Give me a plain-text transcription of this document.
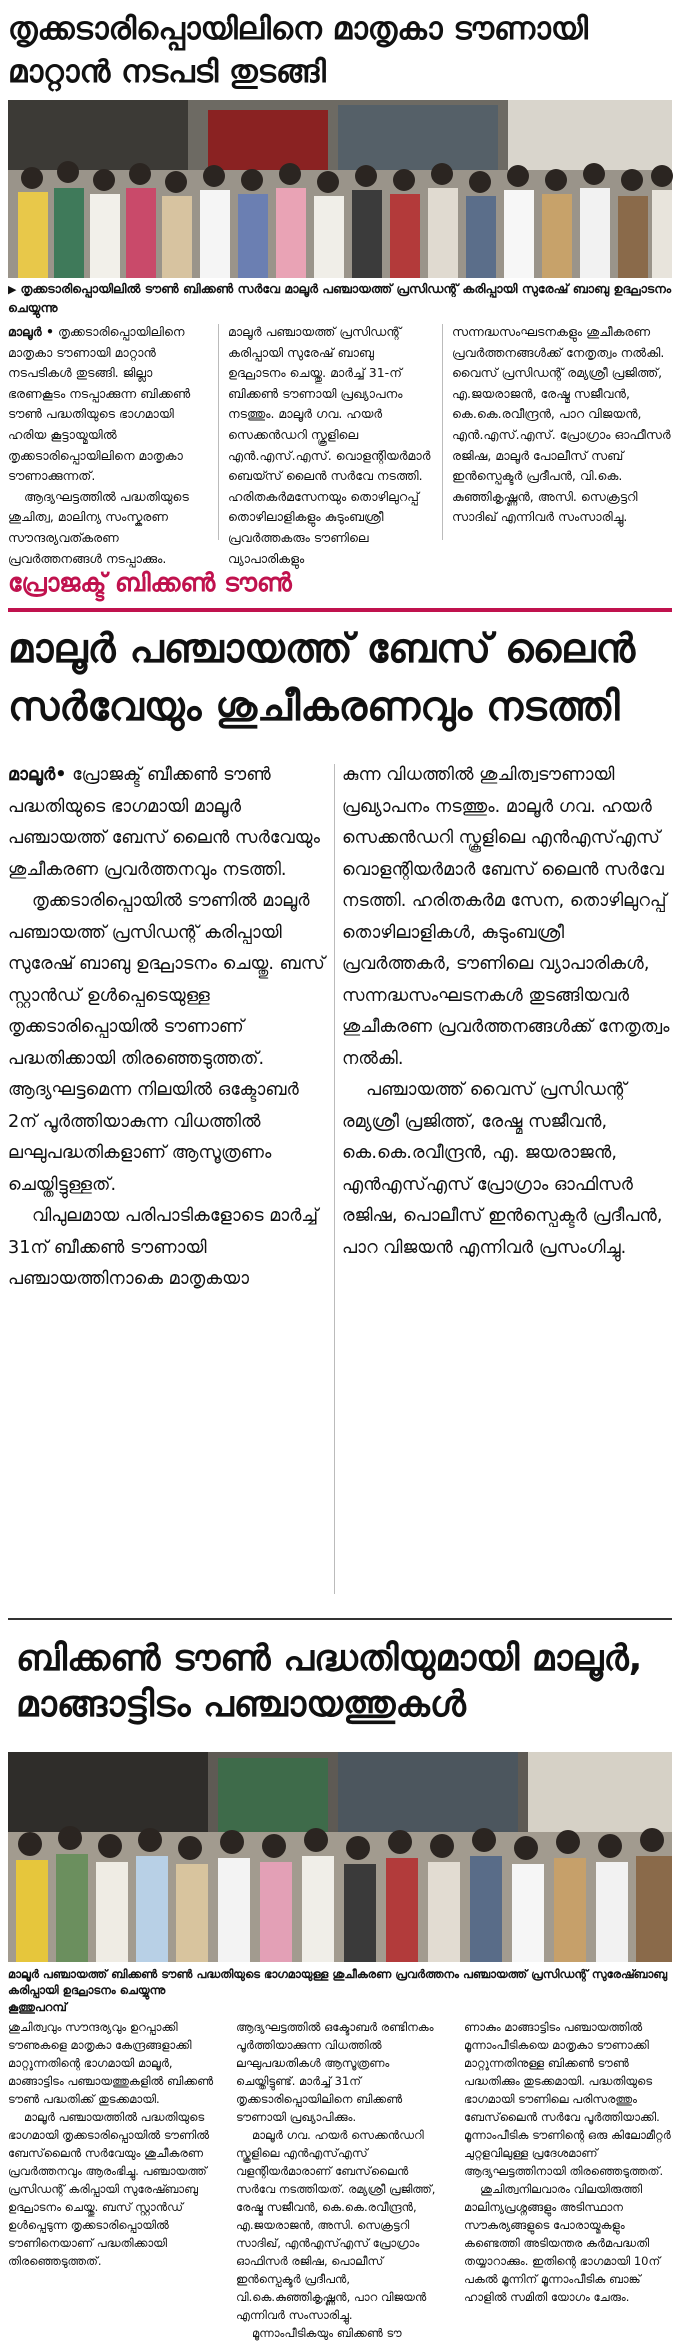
തൃക്കടാരിപ്പൊയിലിനെ മാതൃകാ ടൗണായി മാറ്റാൻ നടപടി തുടങ്ങി
▶ തൃക്കടാരിപ്പൊയിലിൽ ടൗൺ ബിക്കൺ സർവേ മാലൂർ പഞ്ചായത്ത് പ്രസിഡന്റ് കരിപ്പായി സുരേഷ് ബാബു ഉദ്ഘാടനം ചെയ്യുന്നു

മാലൂർ • തൃക്കടാരിപ്പൊയിലിനെ മാതൃകാ ടൗണായി മാറ്റാൻ നടപടികൾ തുടങ്ങി. ജില്ലാ ഭരണകൂടം നടപ്പാക്കുന്ന ബിക്കൺ ടൗൺ പദ്ധതിയുടെ ഭാഗമായി ഹരിയ കൂട്ടായ്മയിൽ തൃക്കടാരിപ്പൊയിലിനെ മാതൃകാ ടൗണാക്കുന്നത്.

ആദ്യഘട്ടത്തിൽ പദ്ധതിയുടെ ശുചിത്വ, മാലിന്യ സംസ്കരണ സൗന്ദര്യവത്കരണ പ്രവർത്തനങ്ങൾ നടപ്പാക്കും.

മാലൂർ പഞ്ചായത്ത് പ്രസിഡന്റ് കരിപ്പായി സുരേഷ് ബാബു ഉദ്ഘാടനം ചെയ്തു. മാർച്ച് 31-ന് ബിക്കൺ ടൗണായി പ്രഖ്യാപനം നടത്തും. മാലൂർ ഗവ. ഹയർ സെക്കൻഡറി സ്കൂളിലെ എൻ.എസ്.എസ്. വൊളന്റിയർമാർ ബെയ്സ് ലൈൻ സർവേ നടത്തി. ഹരിതകർമസേനയും തൊഴിലുറപ്പ് തൊഴിലാളികളും കുടുംബശ്രീ പ്രവർത്തകരും ടൗണിലെ വ്യാപാരികളും

സന്നദ്ധസംഘടനകളും ശുചീകരണ പ്രവർത്തനങ്ങൾക്ക് നേതൃത്വം നൽകി. വൈസ് പ്രസിഡന്റ് രമ്യശ്രീ പ്രജിത്ത്, എ.ജയരാജൻ, രേഷ്മ സജീവൻ, കെ.കെ.രവീന്ദ്രൻ, പാറ വിജയൻ, എൻ.എസ്.എസ്. പ്രോഗ്രാം ഓഫീസർ രജിഷ, മാലൂർ പോലീസ് സബ് ഇൻസ്പെക്ടർ പ്രദീപൻ, വി.കെ. കുഞ്ഞികൃഷ്ണൻ, അസി. സെക്രട്ടറി സാദിഖ് എന്നിവർ സംസാരിച്ചു.

പ്രോജക്ട് ബിക്കൺ ടൗൺ
മാലൂർ പഞ്ചായത്ത് ബേസ് ലൈൻ സർവേയും ശുചീകരണവും നടത്തി

മാലൂർ• പ്രോജക്ട് ബീക്കൺ ടൗൺ പദ്ധതിയുടെ ഭാഗമായി മാലൂർ പഞ്ചായത്ത് ബേസ് ലൈൻ സർവേയും ശുചീകരണ പ്രവർത്തനവും നടത്തി.

തൃക്കടാരിപ്പൊയിൽ ടൗണിൽ മാലൂർ പഞ്ചായത്ത് പ്രസിഡന്റ് കരിപ്പായി സുരേഷ് ബാബു ഉദ്ഘാടനം ചെയ്തു. ബസ് സ്റ്റാൻഡ് ഉൾപ്പെടെയുള്ള തൃക്കടാരിപ്പൊയിൽ ടൗണാണ് പദ്ധതിക്കായി തിരഞ്ഞെടുത്തത്. ആദ്യഘട്ടമെന്ന നിലയിൽ ഒക്ടോബർ 2ന് പൂർത്തിയാകുന്ന വിധത്തിൽ ലഘുപദ്ധതികളാണ് ആസൂത്രണം ചെയ്തിട്ടുള്ളത്.

വിപുലമായ പരിപാടികളോടെ മാർച്ച് 31ന് ബീക്കൺ ടൗണായി പഞ്ചായത്തിനാകെ മാതൃകയാ

കുന്ന വിധത്തിൽ ശുചിത്വടൗണായി പ്രഖ്യാപനം നടത്തും. മാലൂർ ഗവ. ഹയർ സെക്കൻഡറി സ്കൂളിലെ എൻഎസ്എസ് വൊളന്റിയർമാർ ബേസ് ലൈൻ സർവേ നടത്തി. ഹരിതകർമ സേന, തൊഴിലുറപ്പ് തൊഴിലാളികൾ, കുടുംബശ്രീ പ്രവർത്തകർ, ടൗണിലെ വ്യാപാരികൾ, സന്നദ്ധസംഘടനകൾ തുടങ്ങിയവർ ശുചീകരണ പ്രവർത്തനങ്ങൾക്ക് നേതൃത്വം നൽകി.

പഞ്ചായത്ത് വൈസ് പ്രസിഡന്റ് രമ്യശ്രീ പ്രജിത്ത്, രേഷ്മ സജീവൻ, കെ.കെ.രവീന്ദ്രൻ, എ. ജയരാജൻ, എൻഎസ്എസ് പ്രോഗ്രാം ഓഫിസർ രജിഷ, പൊലീസ് ഇൻസ്പെക്ടർ പ്രദീപൻ, പാറ വിജയൻ എന്നിവർ പ്രസംഗിച്ചു.

ബിക്കൺ ടൗൺ പദ്ധതിയുമായി മാലൂർ, മാങ്ങാട്ടിടം പഞ്ചായത്തുകൾ
മാലൂർ പഞ്ചായത്ത് ബിക്കൺ ടൗൺ പദ്ധതിയുടെ ഭാഗമായുള്ള ശുചീകരണ പ്രവർത്തനം പഞ്ചായത്ത് പ്രസിഡന്റ് സുരേഷ്ബാബു കരിപ്പായി ഉദ്ഘാടനം ചെയ്യുന്നു
കൂത്തുപറമ്പ്

ശുചിത്വവും സൗന്ദര്യവും ഉറപ്പാക്കി ടൗണുകളെ മാതൃകാ കേന്ദ്രങ്ങളാക്കി മാറ്റുന്നതിന്റെ ഭാഗമായി മാലൂർ, മാങ്ങാട്ടിടം പഞ്ചായത്തുകളിൽ ബിക്കൺ ടൗൺ പദ്ധതിക്ക് തുടക്കമായി.

മാലൂർ പഞ്ചായത്തിൽ പദ്ധതിയുടെ ഭാഗമായി തൃക്കടാരിപ്പൊയിൽ ടൗണിൽ ബേസ്‌ലൈൻ സർവേയും ശുചീകരണ പ്രവർത്തനവും ആരംഭിച്ചു. പഞ്ചായത്ത് പ്രസിഡന്റ് കരിപ്പായി സുരേഷ്ബാബു ഉദ്ഘാടനം ചെയ്തു. ബസ് സ്റ്റാൻഡ് ഉൾപ്പെടുന്ന തൃക്കടാരിപ്പൊയിൽ ടൗണിനെയാണ് പദ്ധതിക്കായി തിരഞ്ഞെടുത്തത്.

ആദ്യഘട്ടത്തിൽ ഒക്ടോബർ രണ്ടിനകം പൂർത്തിയാക്കുന്ന വിധത്തിൽ ലഘുപദ്ധതികൾ ആസൂത്രണം ചെയ്തിട്ടുണ്ട്. മാർച്ച് 31ന് തൃക്കടാരിപ്പൊയിലിനെ ബിക്കൺ ടൗണായി പ്രഖ്യാപിക്കും.

മാലൂർ ഗവ. ഹയർ സെക്കൻഡറി സ്കൂളിലെ എൻഎസ്എസ് വളന്റിയർമാരാണ് ബേസ്‌ലൈൻ സർവേ നടത്തിയത്. രമ്യശ്രീ പ്രജിത്ത്, രേഷ്മ സജീവൻ, കെ.കെ.രവീന്ദ്രൻ, എ.ജയരാജൻ, അസി. സെക്രട്ടറി സാദിഖ്, എൻഎസ്എസ് പ്രോഗ്രാം ഓഫിസർ രജിഷ, പൊലീസ് ഇൻസ്പെക്ടർ പ്രദീപൻ, വി.കെ.കുഞ്ഞികൃഷ്ണൻ, പാറ വിജയൻ എന്നിവർ സംസാരിച്ചു.

മൂന്നാംപീടികയും ബിക്കൺ ടൗ

ണാകും മാങ്ങാട്ടിടം പഞ്ചായത്തിൽ മൂന്നാംപീടികയെ മാതൃകാ ടൗണാക്കി മാറ്റുന്നതിനുള്ള ബിക്കൺ ടൗൺ പദ്ധതിക്കും തുടക്കമായി. പദ്ധതിയുടെ ഭാഗമായി ടൗണിലെ പരിസരത്തും ബേസ്‌ലൈൻ സർവേ പൂർത്തിയാക്കി. മൂന്നാംപീടിക ടൗണിന്റെ ഒരു കിലോമീറ്റർ ചുറ്റളവിലുള്ള പ്രദേശമാണ് ആദ്യഘട്ടത്തിനായി തിരഞ്ഞെടുത്തത്.

ശുചിത്വനിലവാരം വിലയിരുത്തി മാലിന്യപ്രശ്നങ്ങളും അടിസ്ഥാന സൗകര്യങ്ങളുടെ പോരായ്മകളും കണ്ടെത്തി അടിയന്തര കർമപദ്ധതി തയ്യാറാക്കും. ഇതിന്റെ ഭാഗമായി 10ന് പകൽ മൂന്നിന് മൂന്നാംപീടിക ബാങ്ക് ഹാളിൽ സമിതി യോഗം ചേരും.
